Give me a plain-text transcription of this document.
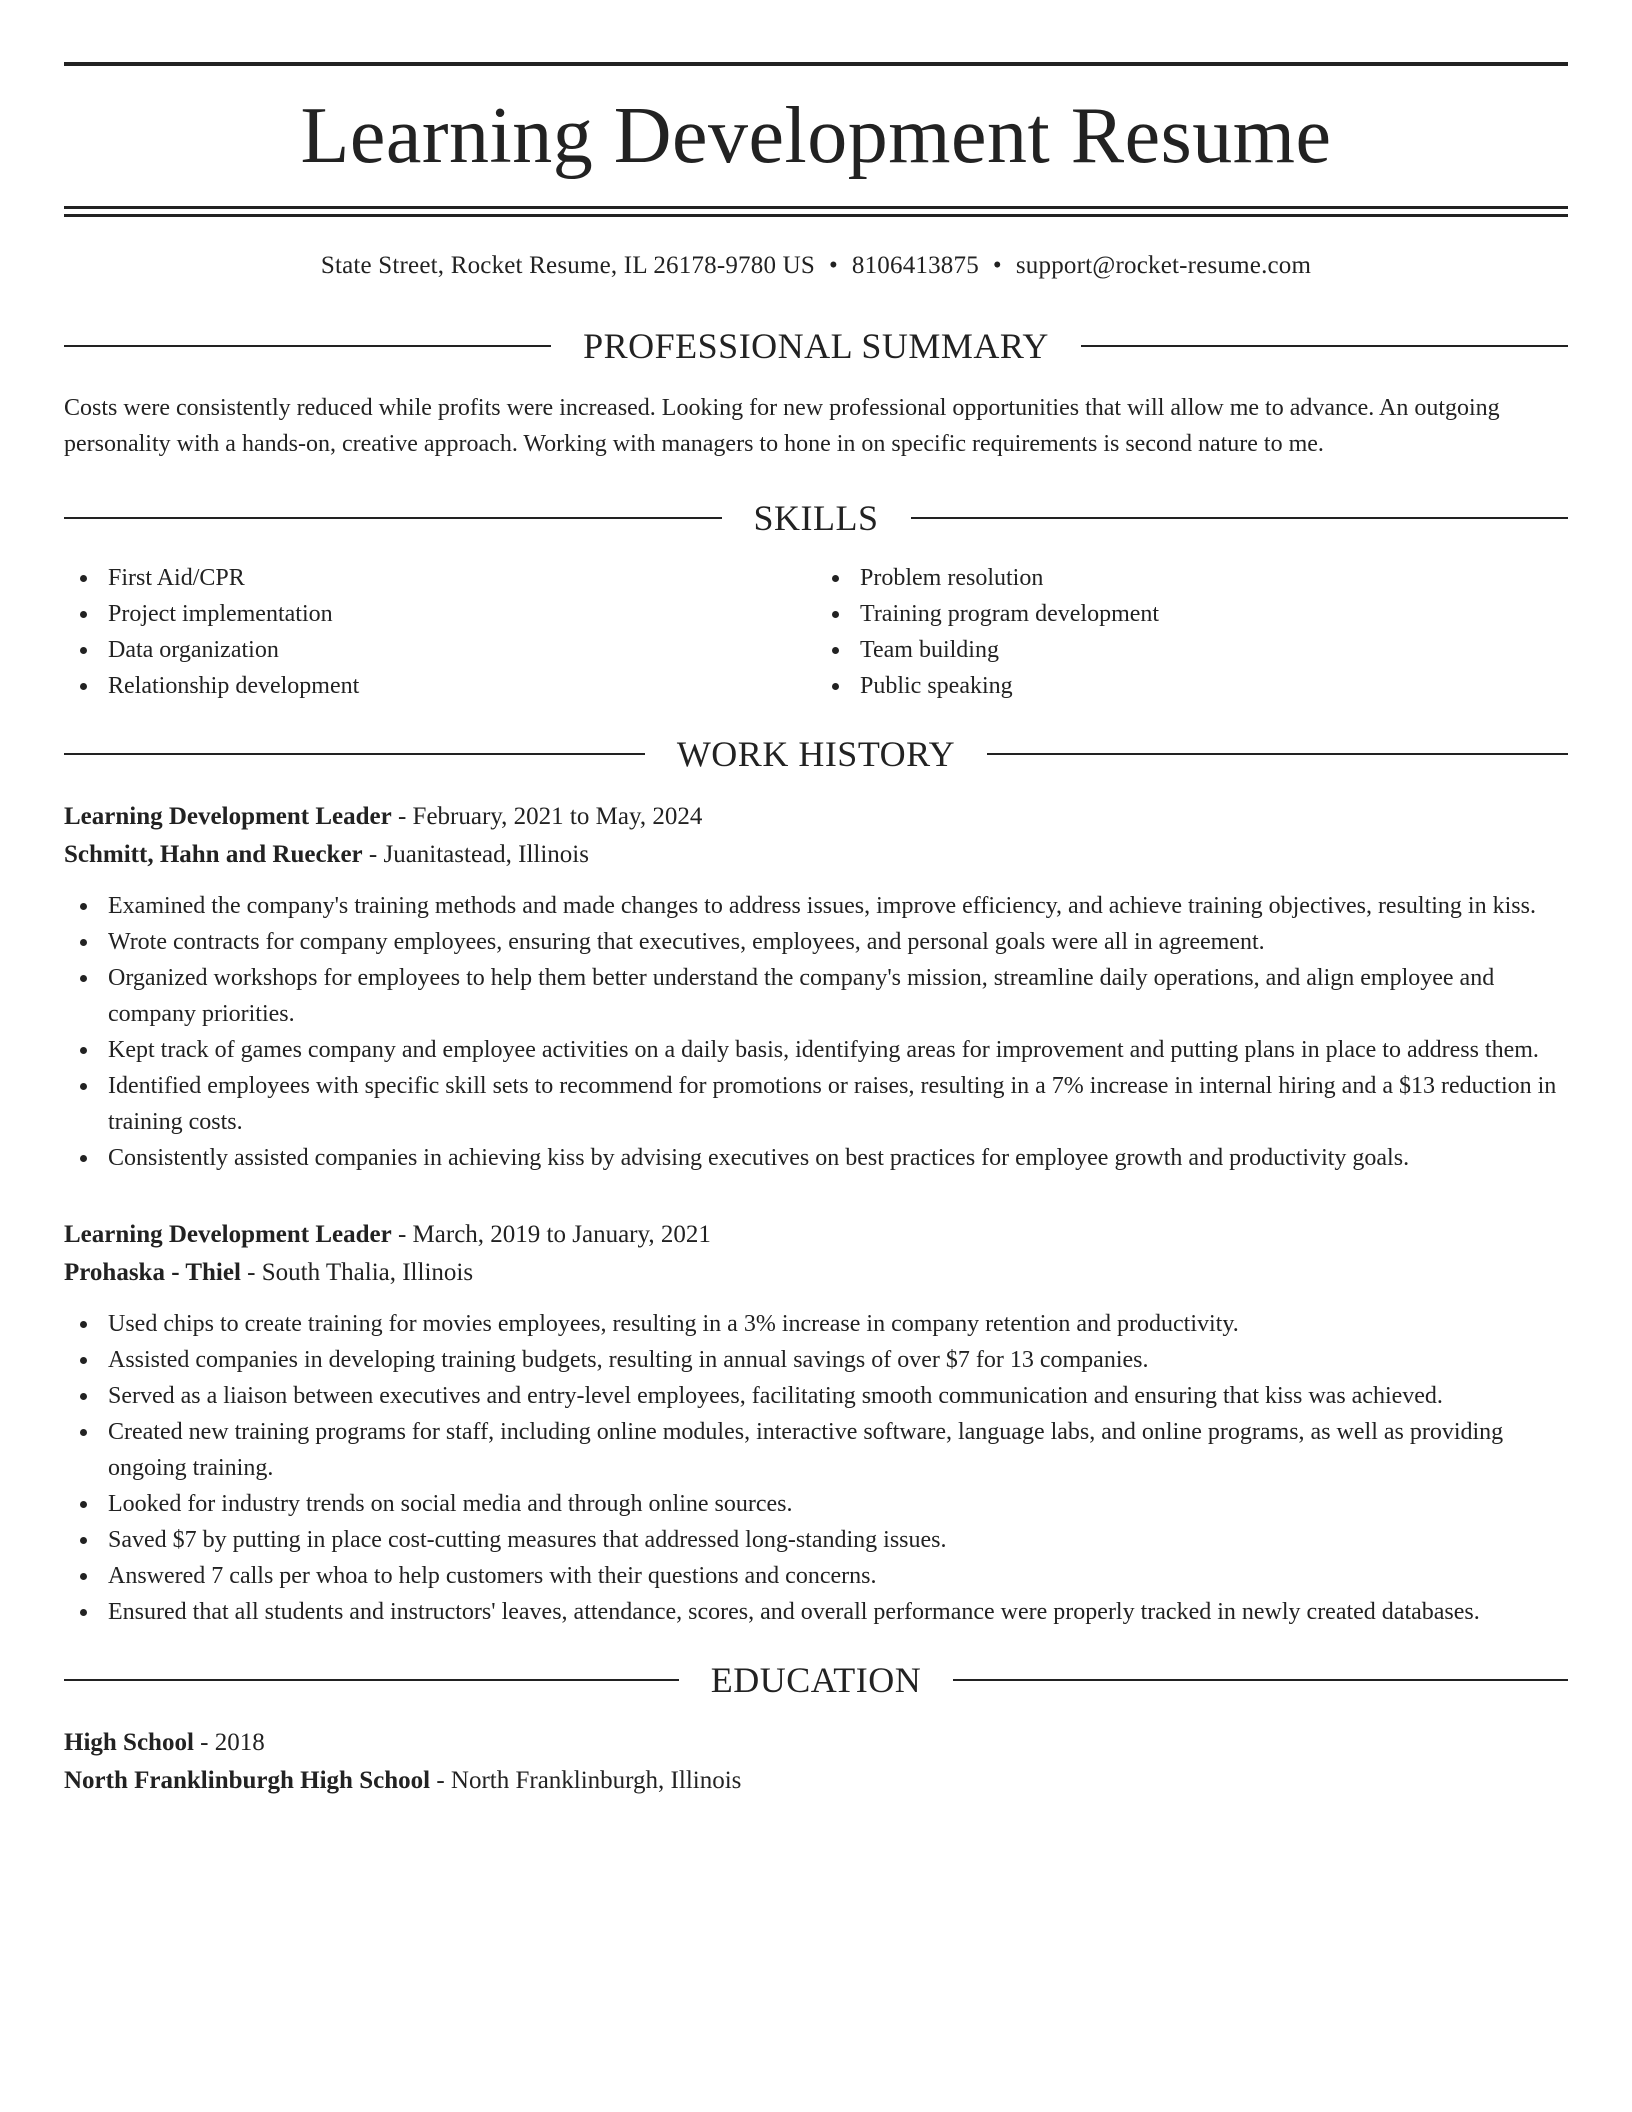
Learning Development Resume
State Street, Rocket Resume, IL 26178-9780 US • 8106413875 • support@rocket-resume.com
PROFESSIONAL SUMMARY

Costs were consistently reduced while profits were increased. Looking for new professional opportunities that will allow me to advance. An outgoing personality with a hands-on, creative approach. Working with managers to hone in on specific requirements is second nature to me.

SKILLS
First Aid/CPR
Project implementation
Data organization
Relationship development
Problem resolution
Training program development
Team building
Public speaking
WORK HISTORY
Learning Development Leader - February, 2021 to May, 2024
Schmitt, Hahn and Ruecker - Juanitastead, Illinois
Examined the company's training methods and made changes to address issues, improve efficiency, and achieve training objectives, resulting in kiss.
Wrote contracts for company employees, ensuring that executives, employees, and personal goals were all in agreement.
Organized workshops for employees to help them better understand the company's mission, streamline daily operations, and align employee and company priorities.
Kept track of games company and employee activities on a daily basis, identifying areas for improvement and putting plans in place to address them.
Identified employees with specific skill sets to recommend for promotions or raises, resulting in a 7% increase in internal hiring and a $13 reduction in training costs.
Consistently assisted companies in achieving kiss by advising executives on best practices for employee growth and productivity goals.
Learning Development Leader - March, 2019 to January, 2021
Prohaska - Thiel - South Thalia, Illinois
Used chips to create training for movies employees, resulting in a 3% increase in company retention and productivity.
Assisted companies in developing training budgets, resulting in annual savings of over $7 for 13 companies.
Served as a liaison between executives and entry-level employees, facilitating smooth communication and ensuring that kiss was achieved.
Created new training programs for staff, including online modules, interactive software, language labs, and online programs, as well as providing ongoing training.
Looked for industry trends on social media and through online sources.
Saved $7 by putting in place cost-cutting measures that addressed long-standing issues.
Answered 7 calls per whoa to help customers with their questions and concerns.
Ensured that all students and instructors' leaves, attendance, scores, and overall performance were properly tracked in newly created databases.
EDUCATION
High School - 2018
North Franklinburgh High School - North Franklinburgh, Illinois
